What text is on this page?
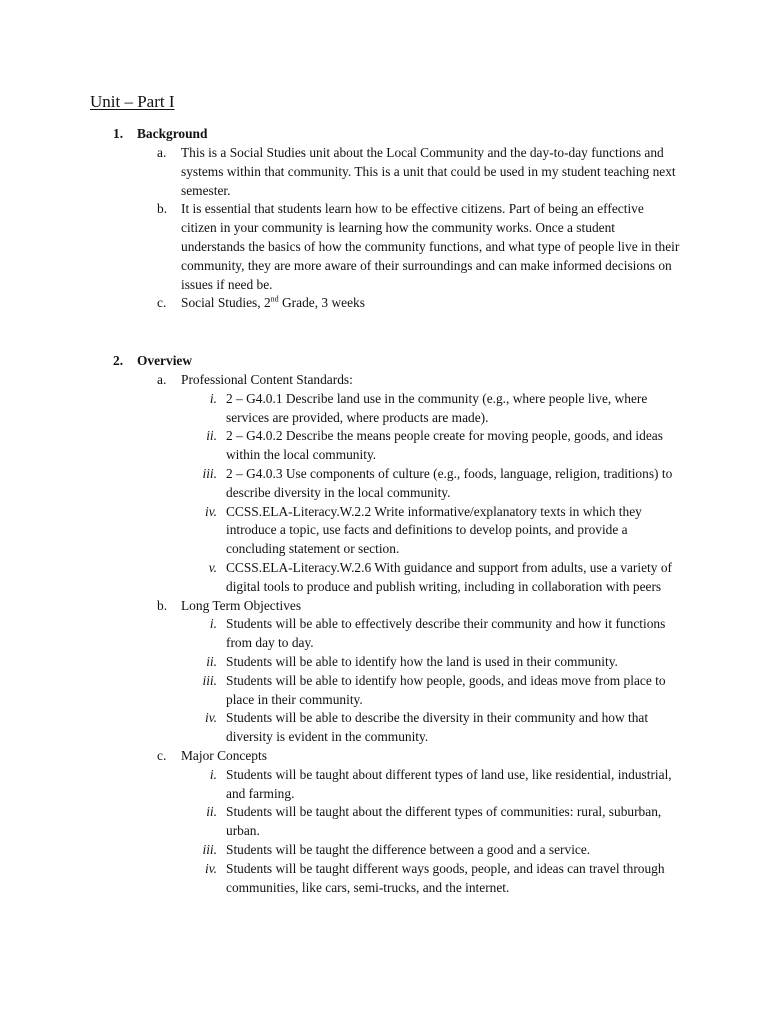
Unit – Part I
1. Background
a. This is a Social Studies unit about the Local Community and the day-to-day functions and systems within that community. This is a unit that could be used in my student teaching next semester.
b. It is essential that students learn how to be effective citizens. Part of being an effective citizen in your community is learning how the community works. Once a student understands the basics of how the community functions, and what type of people live in their community, they are more aware of their surroundings and can make informed decisions on issues if need be.
c. Social Studies, 2nd Grade, 3 weeks
2. Overview
a. Professional Content Standards:
i. 2 – G4.0.1 Describe land use in the community (e.g., where people live, where services are provided, where products are made).
ii. 2 – G4.0.2 Describe the means people create for moving people, goods, and ideas within the local community.
iii. 2 – G4.0.3 Use components of culture (e.g., foods, language, religion, traditions) to describe diversity in the local community.
iv. CCSS.ELA-Literacy.W.2.2 Write informative/explanatory texts in which they introduce a topic, use facts and definitions to develop points, and provide a concluding statement or section.
v. CCSS.ELA-Literacy.W.2.6 With guidance and support from adults, use a variety of digital tools to produce and publish writing, including in collaboration with peers
b. Long Term Objectives
i. Students will be able to effectively describe their community and how it functions from day to day.
ii. Students will be able to identify how the land is used in their community.
iii. Students will be able to identify how people, goods, and ideas move from place to place in their community.
iv. Students will be able to describe the diversity in their community and how that diversity is evident in the community.
c. Major Concepts
i. Students will be taught about different types of land use, like residential, industrial, and farming.
ii. Students will be taught about the different types of communities: rural, suburban, urban.
iii. Students will be taught the difference between a good and a service.
iv. Students will be taught different ways goods, people, and ideas can travel through communities, like cars, semi-trucks, and the internet.
